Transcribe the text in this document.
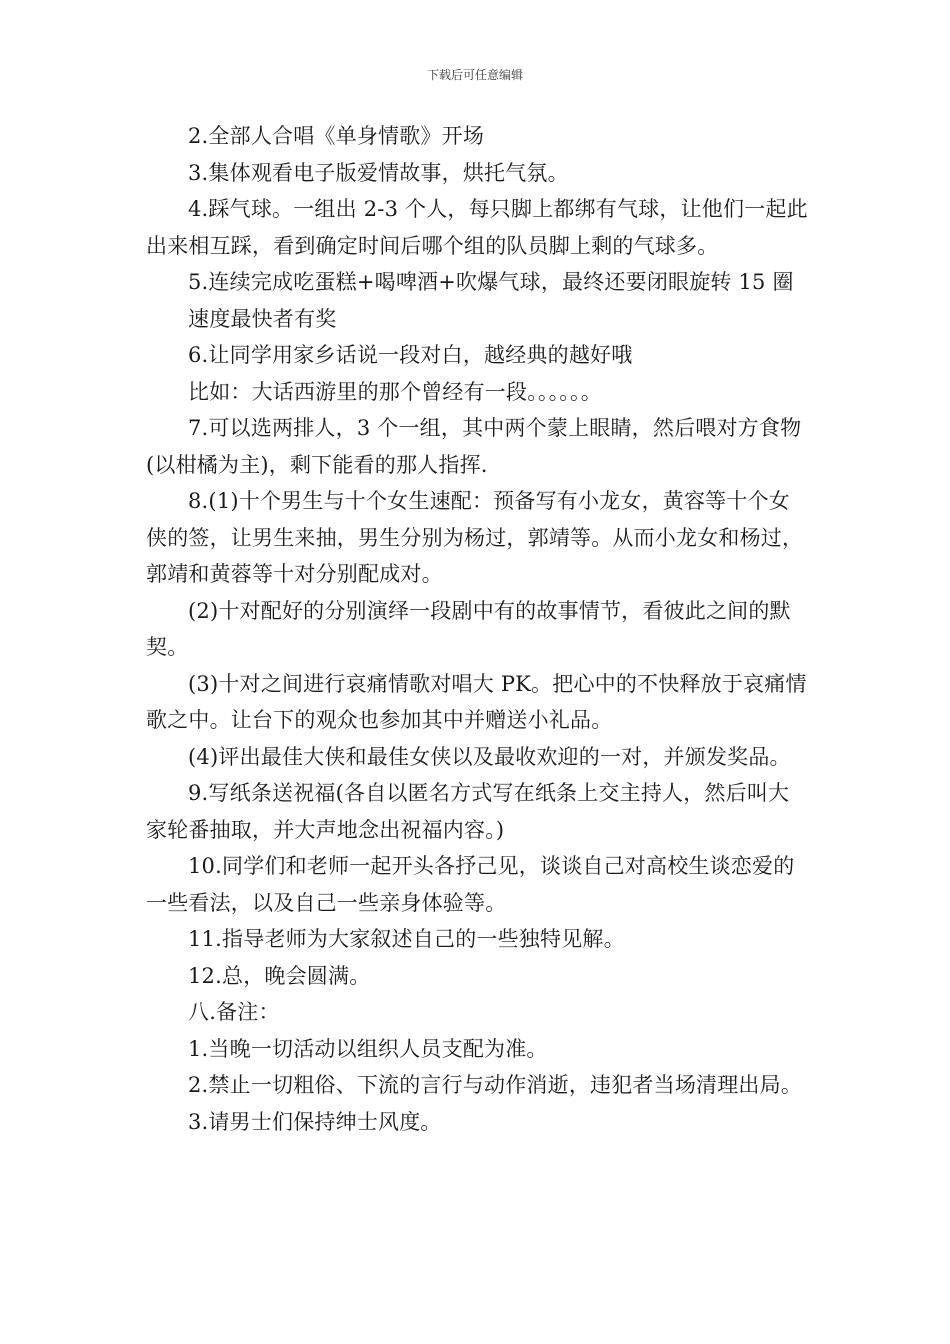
下载后可任意编辑

2.全部人合唱《单身情歌》开场

3.集体观看电子版爱情故事，烘托气氛。

4.踩气球。一组出 2-3 个人，每只脚上都绑有气球，让他们一起此出来相互踩，看到确定时间后哪个组的队员脚上剩的气球多。

5.连续完成吃蛋糕+喝啤酒+吹爆气球，最终还要闭眼旋转 15 圈速度最快者有奖

6.让同学用家乡话说一段对白，越经典的越好哦

比如：大话西游里的那个曾经有一段。。。。。。

7.可以选两排人，3 个一组，其中两个蒙上眼睛，然后喂对方食物(以柑橘为主)，剩下能看的那人指挥.

8.(1)十个男生与十个女生速配：预备写有小龙女，黄容等十个女侠的签，让男生来抽，男生分别为杨过，郭靖等。从而小龙女和杨过，郭靖和黄蓉等十对分别配成对。

(2)十对配好的分别演绎一段剧中有的故事情节，看彼此之间的默契。

(3)十对之间进行哀痛情歌对唱大 PK。把心中的不快释放于哀痛情歌之中。让台下的观众也参加其中并赠送小礼品。

(4)评出最佳大侠和最佳女侠以及最收欢迎的一对，并颁发奖品。

9.写纸条送祝福(各自以匿名方式写在纸条上交主持人，然后叫大家轮番抽取，并大声地念出祝福内容。)

10.同学们和老师一起开头各抒己见，谈谈自己对高校生谈恋爱的一些看法，以及自己一些亲身体验等。

11.指导老师为大家叙述自己的一些独特见解。

12.总，晚会圆满。

八.备注：

1.当晚一切活动以组织人员支配为准。

2.禁止一切粗俗、下流的言行与动作消逝，违犯者当场清理出局。

3.请男士们保持绅士风度。
